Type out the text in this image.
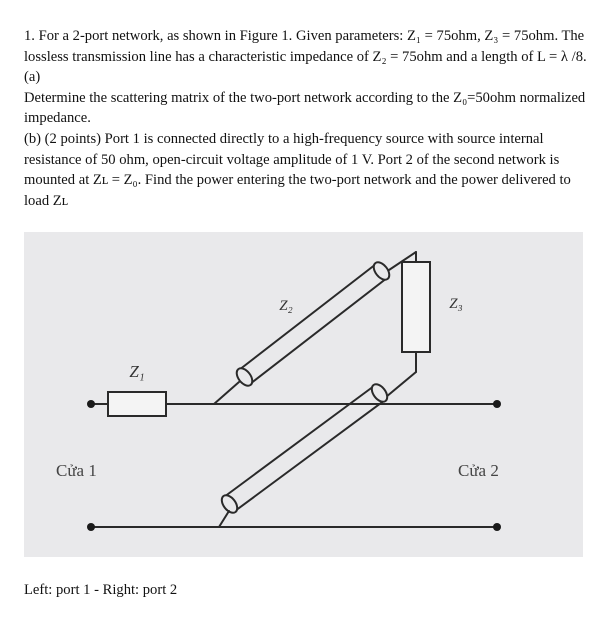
1. For a 2-port network, as shown in Figure 1. Given parameters: Z₁ = 75ohm, Z₃ = 75ohm. The lossless transmission line has a characteristic impedance of Z₂ = 75ohm and a length of L = λ /8.

(a)

Determine the scattering matrix of the two-port network according to the Z₀=50ohm normalized impedance.

(b) (2 points) Port 1 is connected directly to a high-frequency source with source internal resistance of 50 ohm, open-circuit voltage amplitude of 1 V. Port 2 of the second network is mounted at Zʟ = Z₀. Find the power entering the two-port network and the power delivered to load Zʟ

Z₁
Z₂	Z₃
Cửa 1	Cửa 2
Left: port 1 - Right: port 2
